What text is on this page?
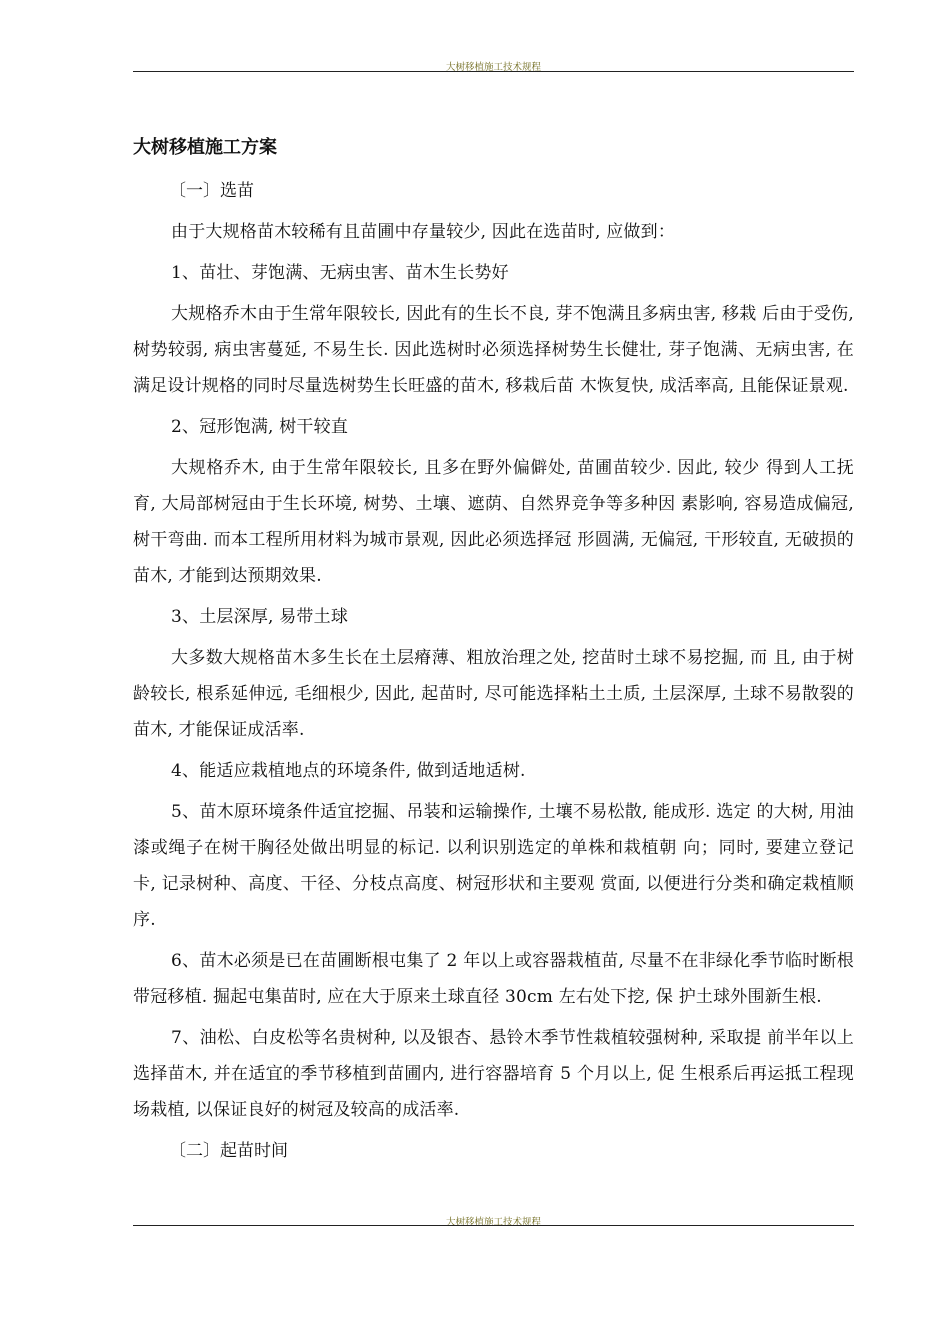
大树移植施工技术规程
大树移植施工方案
〔一〕选苗
由于大规格苗木较稀有且苗圃中存量较少, 因此在选苗时, 应做到：
1、苗壮、芽饱满、无病虫害、苗木生长势好
大规格乔木由于生常年限较长, 因此有的生长不良, 芽不饱满且多病虫害, 移栽 后由于受伤, 树势较弱, 病虫害蔓延, 不易生长. 因此选树时必须选择树势生长健壮, 芽子饱满、无病虫害, 在满足设计规格的同时尽量选树势生长旺盛的苗木, 移栽后苗 木恢复快, 成活率高, 且能保证景观.
2、冠形饱满, 树干较直
大规格乔木, 由于生常年限较长, 且多在野外偏僻处, 苗圃苗较少. 因此, 较少 得到人工抚育, 大局部树冠由于生长环境, 树势、土壤、遮荫、自然界竞争等多种因 素影响, 容易造成偏冠, 树干弯曲. 而本工程所用材料为城市景观, 因此必须选择冠 形圆满, 无偏冠, 干形较直, 无破损的苗木, 才能到达预期效果.
3、土层深厚, 易带土球
大多数大规格苗木多生长在土层瘠薄、粗放治理之处, 挖苗时土球不易挖掘, 而 且, 由于树龄较长, 根系延伸远, 毛细根少, 因此, 起苗时, 尽可能选择粘土土质, 土层深厚, 土球不易散裂的苗木, 才能保证成活率.
4、能适应栽植地点的环境条件, 做到适地适树.
5、苗木原环境条件适宜挖掘、吊装和运输操作, 土壤不易松散, 能成形. 选定 的大树, 用油漆或绳子在树干胸径处做出明显的标记. 以利识别选定的单株和栽植朝 向；同时, 要建立登记卡, 记录树种、高度、干径、分枝点高度、树冠形状和主要观 赏面, 以便进行分类和确定栽植顺序.
6、苗木必须是已在苗圃断根屯集了 2 年以上或容器栽植苗, 尽量不在非绿化季节临时断根带冠移植. 掘起屯集苗时, 应在大于原来土球直径 30cm 左右处下挖, 保 护土球外围新生根.
7、油松、白皮松等名贵树种, 以及银杏、悬铃木季节性栽植较强树种, 采取提 前半年以上选择苗木, 并在适宜的季节移植到苗圃内, 进行容器培育 5 个月以上, 促 生根系后再运抵工程现场栽植, 以保证良好的树冠及较高的成活率.
〔二〕起苗时间
大树移植施工技术规程
